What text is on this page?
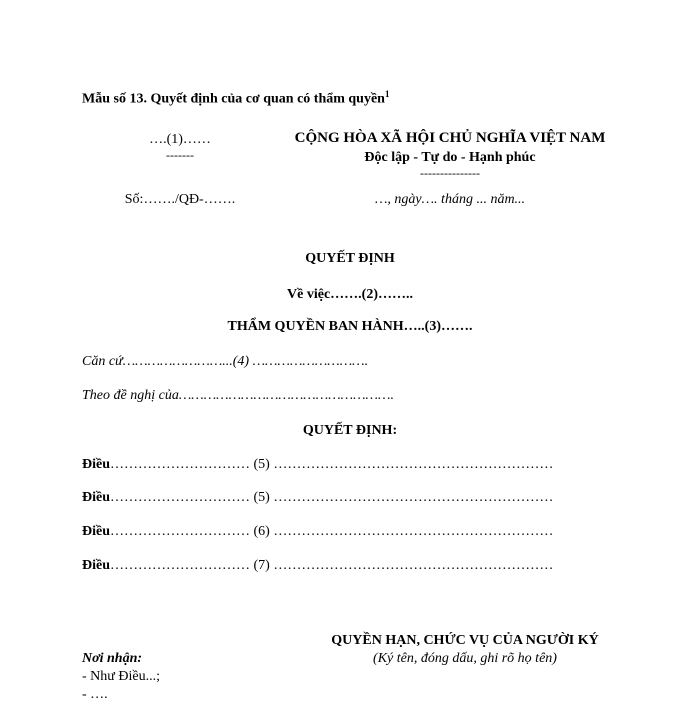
Mẫu số 13. Quyết định của cơ quan có thẩm quyền$^1$
….(1)……
-------
Số:……./QĐ-…….
CỘNG HÒA XÃ HỘI CHỦ NGHĨA VIỆT NAM
Độc lập - Tự do - Hạnh phúc
---------------
…, ngày…. tháng ... năm...
QUYẾT ĐỊNH
Về việc…….(2)……..
THẨM QUYỀN BAN HÀNH…..(3)…….
Căn cứ……………………...(4) ……………………….
Theo đề nghị của…………………………………………….
QUYẾT ĐỊNH:
Điều………………………… (5) ……………………………………………………
Điều………………………… (5) ……………………………………………………
Điều………………………… (6) ……………………………………………………
Điều………………………… (7) ……………………………………………………
QUYỀN HẠN, CHỨC VỤ CỦA NGƯỜI KÝ
(Ký tên, đóng dấu, ghi rõ họ tên)
Nơi nhận:
- Như Điều...;
- ….
